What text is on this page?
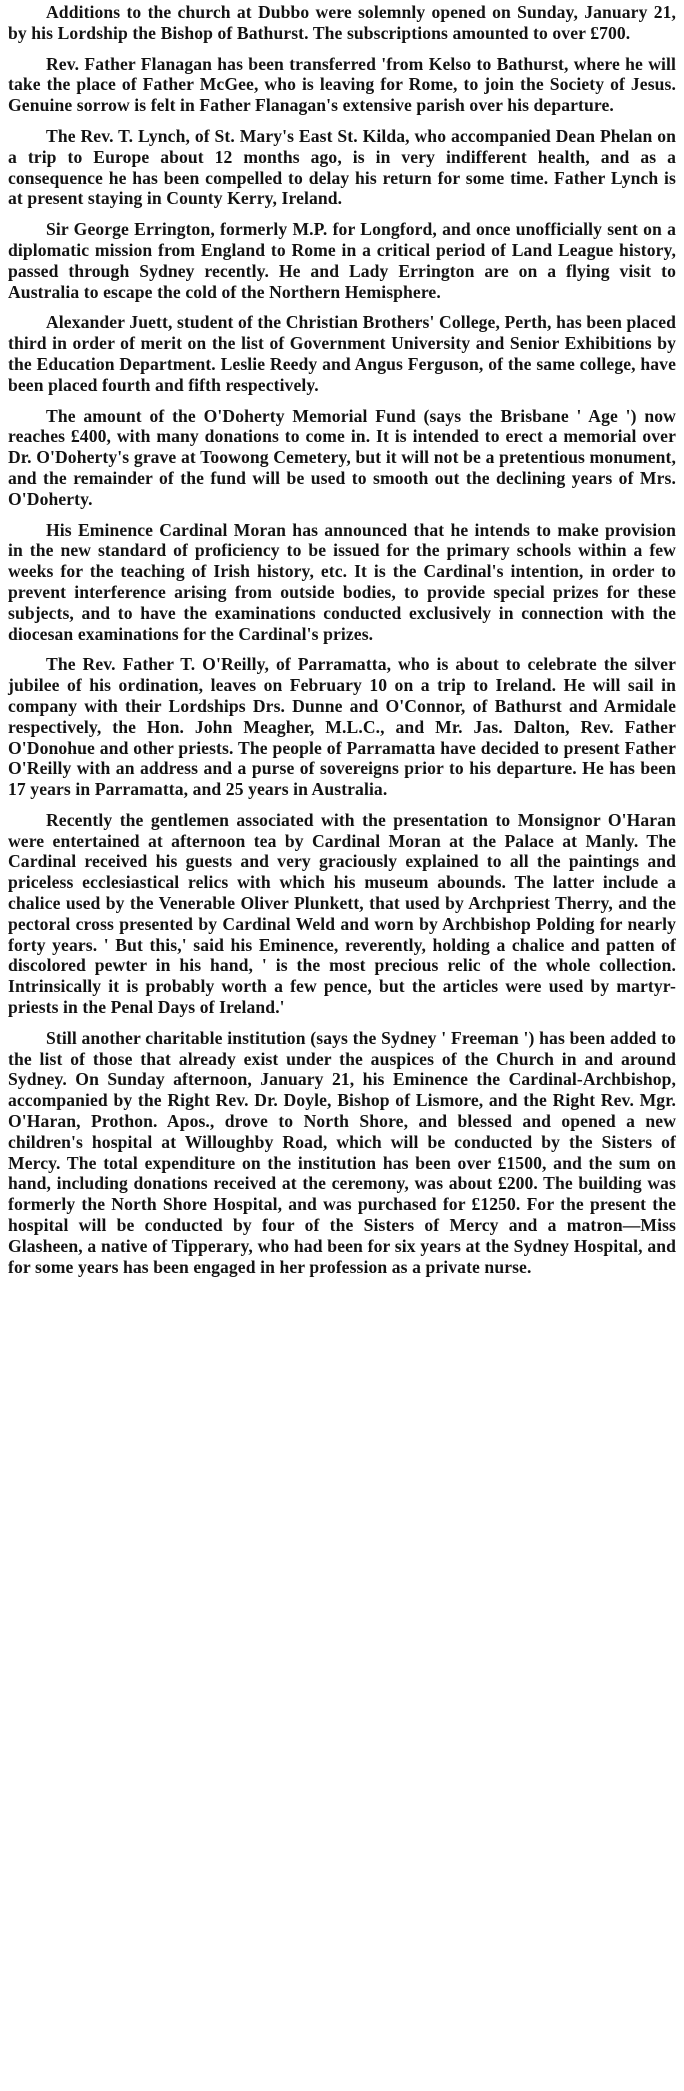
Additions to the church at Dubbo were solemnly opened on Sunday, January 21, by his Lordship the Bishop of Bathurst. The subscriptions amounted to over £700.

Rev. Father Flanagan has been transferred 'from Kelso to Bathurst, where he will take the place of Father McGee, who is leaving for Rome, to join the Society of Jesus. Genuine sorrow is felt in Father Flanagan's extensive parish over his departure.

The Rev. T. Lynch, of St. Mary's East St. Kilda, who accompanied Dean Phelan on a trip to Europe about 12 months ago, is in very indifferent health, and as a consequence he has been compelled to delay his return for some time. Father Lynch is at present staying in County Kerry, Ireland.

Sir George Errington, formerly M.P. for Longford, and once unofficially sent on a diplomatic mission from England to Rome in a critical period of Land League history, passed through Sydney recently. He and Lady Errington are on a flying visit to Australia to escape the cold of the Northern Hemisphere.

Alexander Juett, student of the Christian Brothers' College, Perth, has been placed third in order of merit on the list of Government University and Senior Exhibitions by the Education Department. Leslie Reedy and Angus Ferguson, of the same college, have been placed fourth and fifth respectively.

The amount of the O'Doherty Memorial Fund (says the Brisbane ' Age ') now reaches £400, with many donations to come in. It is intended to erect a memorial over Dr. O'Doherty's grave at Toowong Cemetery, but it will not be a pretentious monument, and the remainder of the fund will be used to smooth out the declining years of Mrs. O'Doherty.

His Eminence Cardinal Moran has announced that he intends to make provision in the new standard of proficiency to be issued for the primary schools within a few weeks for the teaching of Irish history, etc. It is the Cardinal's intention, in order to prevent interference arising from outside bodies, to provide special prizes for these subjects, and to have the examinations conducted exclusively in connection with the diocesan examinations for the Cardinal's prizes.

The Rev. Father T. O'Reilly, of Parramatta, who is about to celebrate the silver jubilee of his ordination, leaves on February 10 on a trip to Ireland. He will sail in company with their Lordships Drs. Dunne and O'Connor, of Bathurst and Armidale respectively, the Hon. John Meagher, M.L.C., and Mr. Jas. Dalton, Rev. Father O'Donohue and other priests. The people of Parramatta have decided to present Father O'Reilly with an address and a purse of sovereigns prior to his departure. He has been 17 years in Parramatta, and 25 years in Australia.

Recently the gentlemen associated with the presentation to Monsignor O'Haran were entertained at afternoon tea by Cardinal Moran at the Palace at Manly. The Cardinal received his guests and very graciously explained to all the paintings and priceless ecclesiastical relics with which his museum abounds. The latter include a chalice used by the Venerable Oliver Plunkett, that used by Archpriest Therry, and the pectoral cross presented by Cardinal Weld and worn by Archbishop Polding for nearly forty years. ' But this,' said his Eminence, reverently, holding a chalice and patten of discolored pewter in his hand, ' is the most precious relic of the whole collection. Intrinsically it is probably worth a few pence, but the articles were used by martyr-priests in the Penal Days of Ireland.'

Still another charitable institution (says the Sydney ' Freeman ') has been added to the list of those that already exist under the auspices of the Church in and around Sydney. On Sunday afternoon, January 21, his Eminence the Cardinal-Archbishop, accompanied by the Right Rev. Dr. Doyle, Bishop of Lismore, and the Right Rev. Mgr. O'Haran, Prothon. Apos., drove to North Shore, and blessed and opened a new children's hospital at Willoughby Road, which will be conducted by the Sisters of Mercy. The total expenditure on the institution has been over £1500, and the sum on hand, including donations received at the ceremony, was about £200. The building was formerly the North Shore Hospital, and was purchased for £1250. For the present the hospital will be conducted by four of the Sisters of Mercy and a matron—Miss Glasheen, a native of Tipperary, who had been for six years at the Sydney Hospital, and for some years has been engaged in her profession as a private nurse.
